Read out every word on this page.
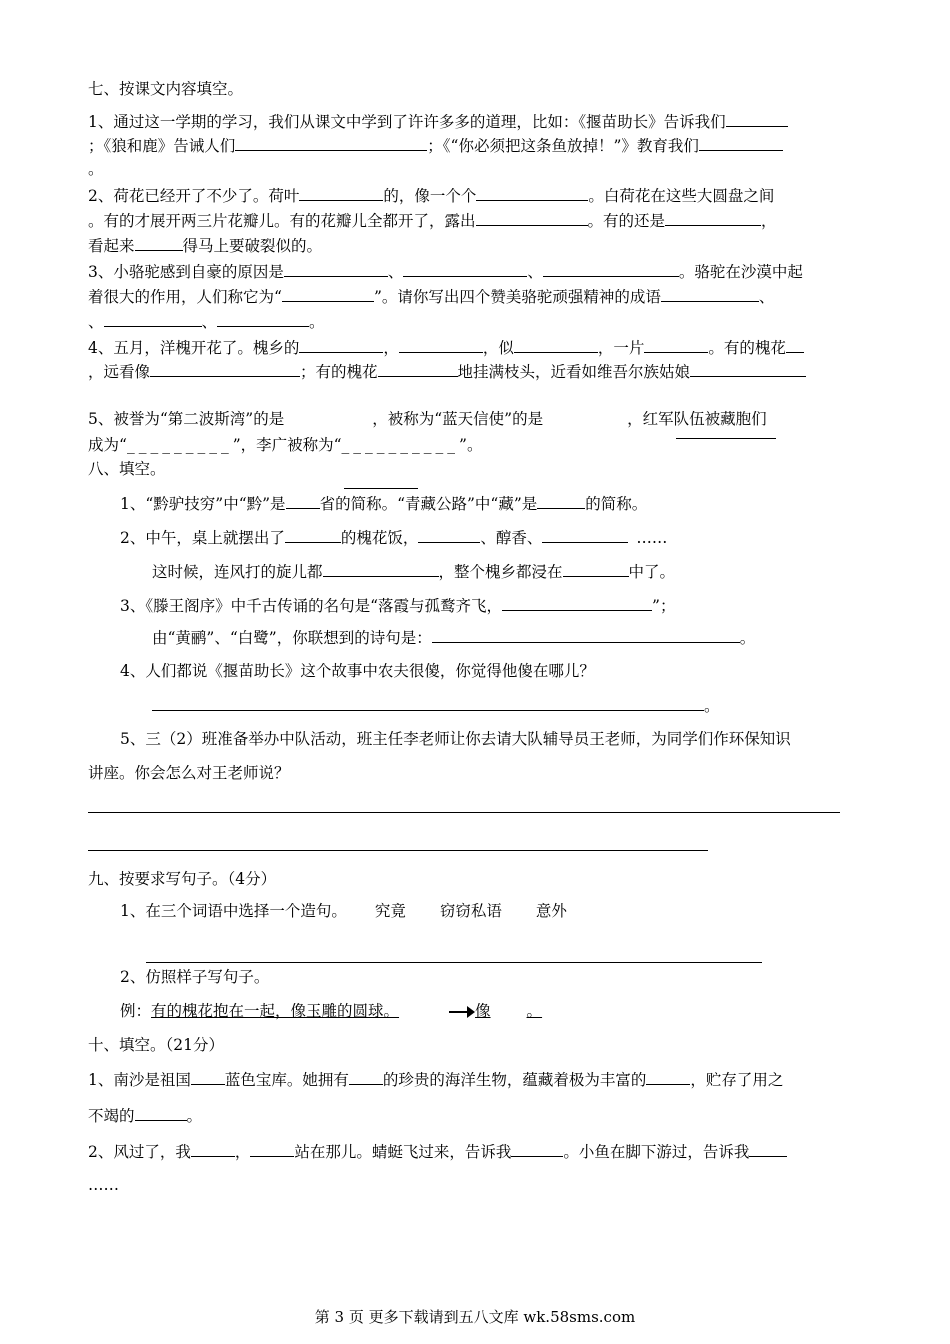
七、按课文内容填空。
1、通过这一学期的学习，我们从课文中学到了许许多多的道理，比如：《揠苗助长》告诉我们
；《狼和鹿》告诫人们	；《“你必须把这条鱼放掉！”》教育我们
。
2、荷花已经开了不少了。荷叶	的，像一个个	。白荷花在这些大圆盘之间
。有的才展开两三片花瓣儿。有的花瓣儿全都开了，露出	。有的还是	，
看起来	得马上要破裂似的。
3、小骆驼感到自豪的原因是	、	、	。骆驼在沙漠中起
着很大的作用，人们称它为“	”。请你写出四个赞美骆驼顽强精神的成语	、
、	、	。
4、五月，洋槐开花了。槐乡的	，	，似	，一片	。有的槐花
，远看像	；有的槐花	地挂满枝头，近看如维吾尔族姑娘
5、被誉为“第二波斯湾”的是	，被称为“蓝天信使”的是	，红军队伍被藏胞们
成为“_________”，李广被称为“__________”。
八、填空。
1、“黔驴技穷”中“黔”是 省的简称。“青藏公路”中“藏”是	的简称。
2、中午，桌上就摆出了	的槐花饭，	、醇香、	……
这时候，连风打的旋儿都	，整个槐乡都浸在	中了。
3、《滕王阁序》中千古传诵的名句是“落霞与孤鹜齐飞，	”；
由“黄鹂”、“白鹭”，你联想到的诗句是：	。
4、人们都说《揠苗助长》这个故事中农夫很傻，你觉得他傻在哪儿？
。
5、三（2）班准备举办中队活动，班主任李老师让你去请大队辅导员王老师，为同学们作环保知识
讲座。你会怎么对王老师说？
九、按要求写句子。（4分）
1、在三个词语中选择一个造句。 究竟 窃窃私语 意外
2、仿照样子写句子。
例：有的槐花抱在一起，像玉雕的圆球。	像 。
十、填空。（21分）
1、南沙是祖国 蓝色宝库。她拥有 的珍贵的海洋生物，蕴藏着极为丰富的	，贮存了用之
不竭的	。
2、风过了，我	，	站在那儿。蜻蜓飞过来，告诉我	。小鱼在脚下游过，告诉我
……
第 3 页 更多下载请到五八文库 wk.58sms.com
